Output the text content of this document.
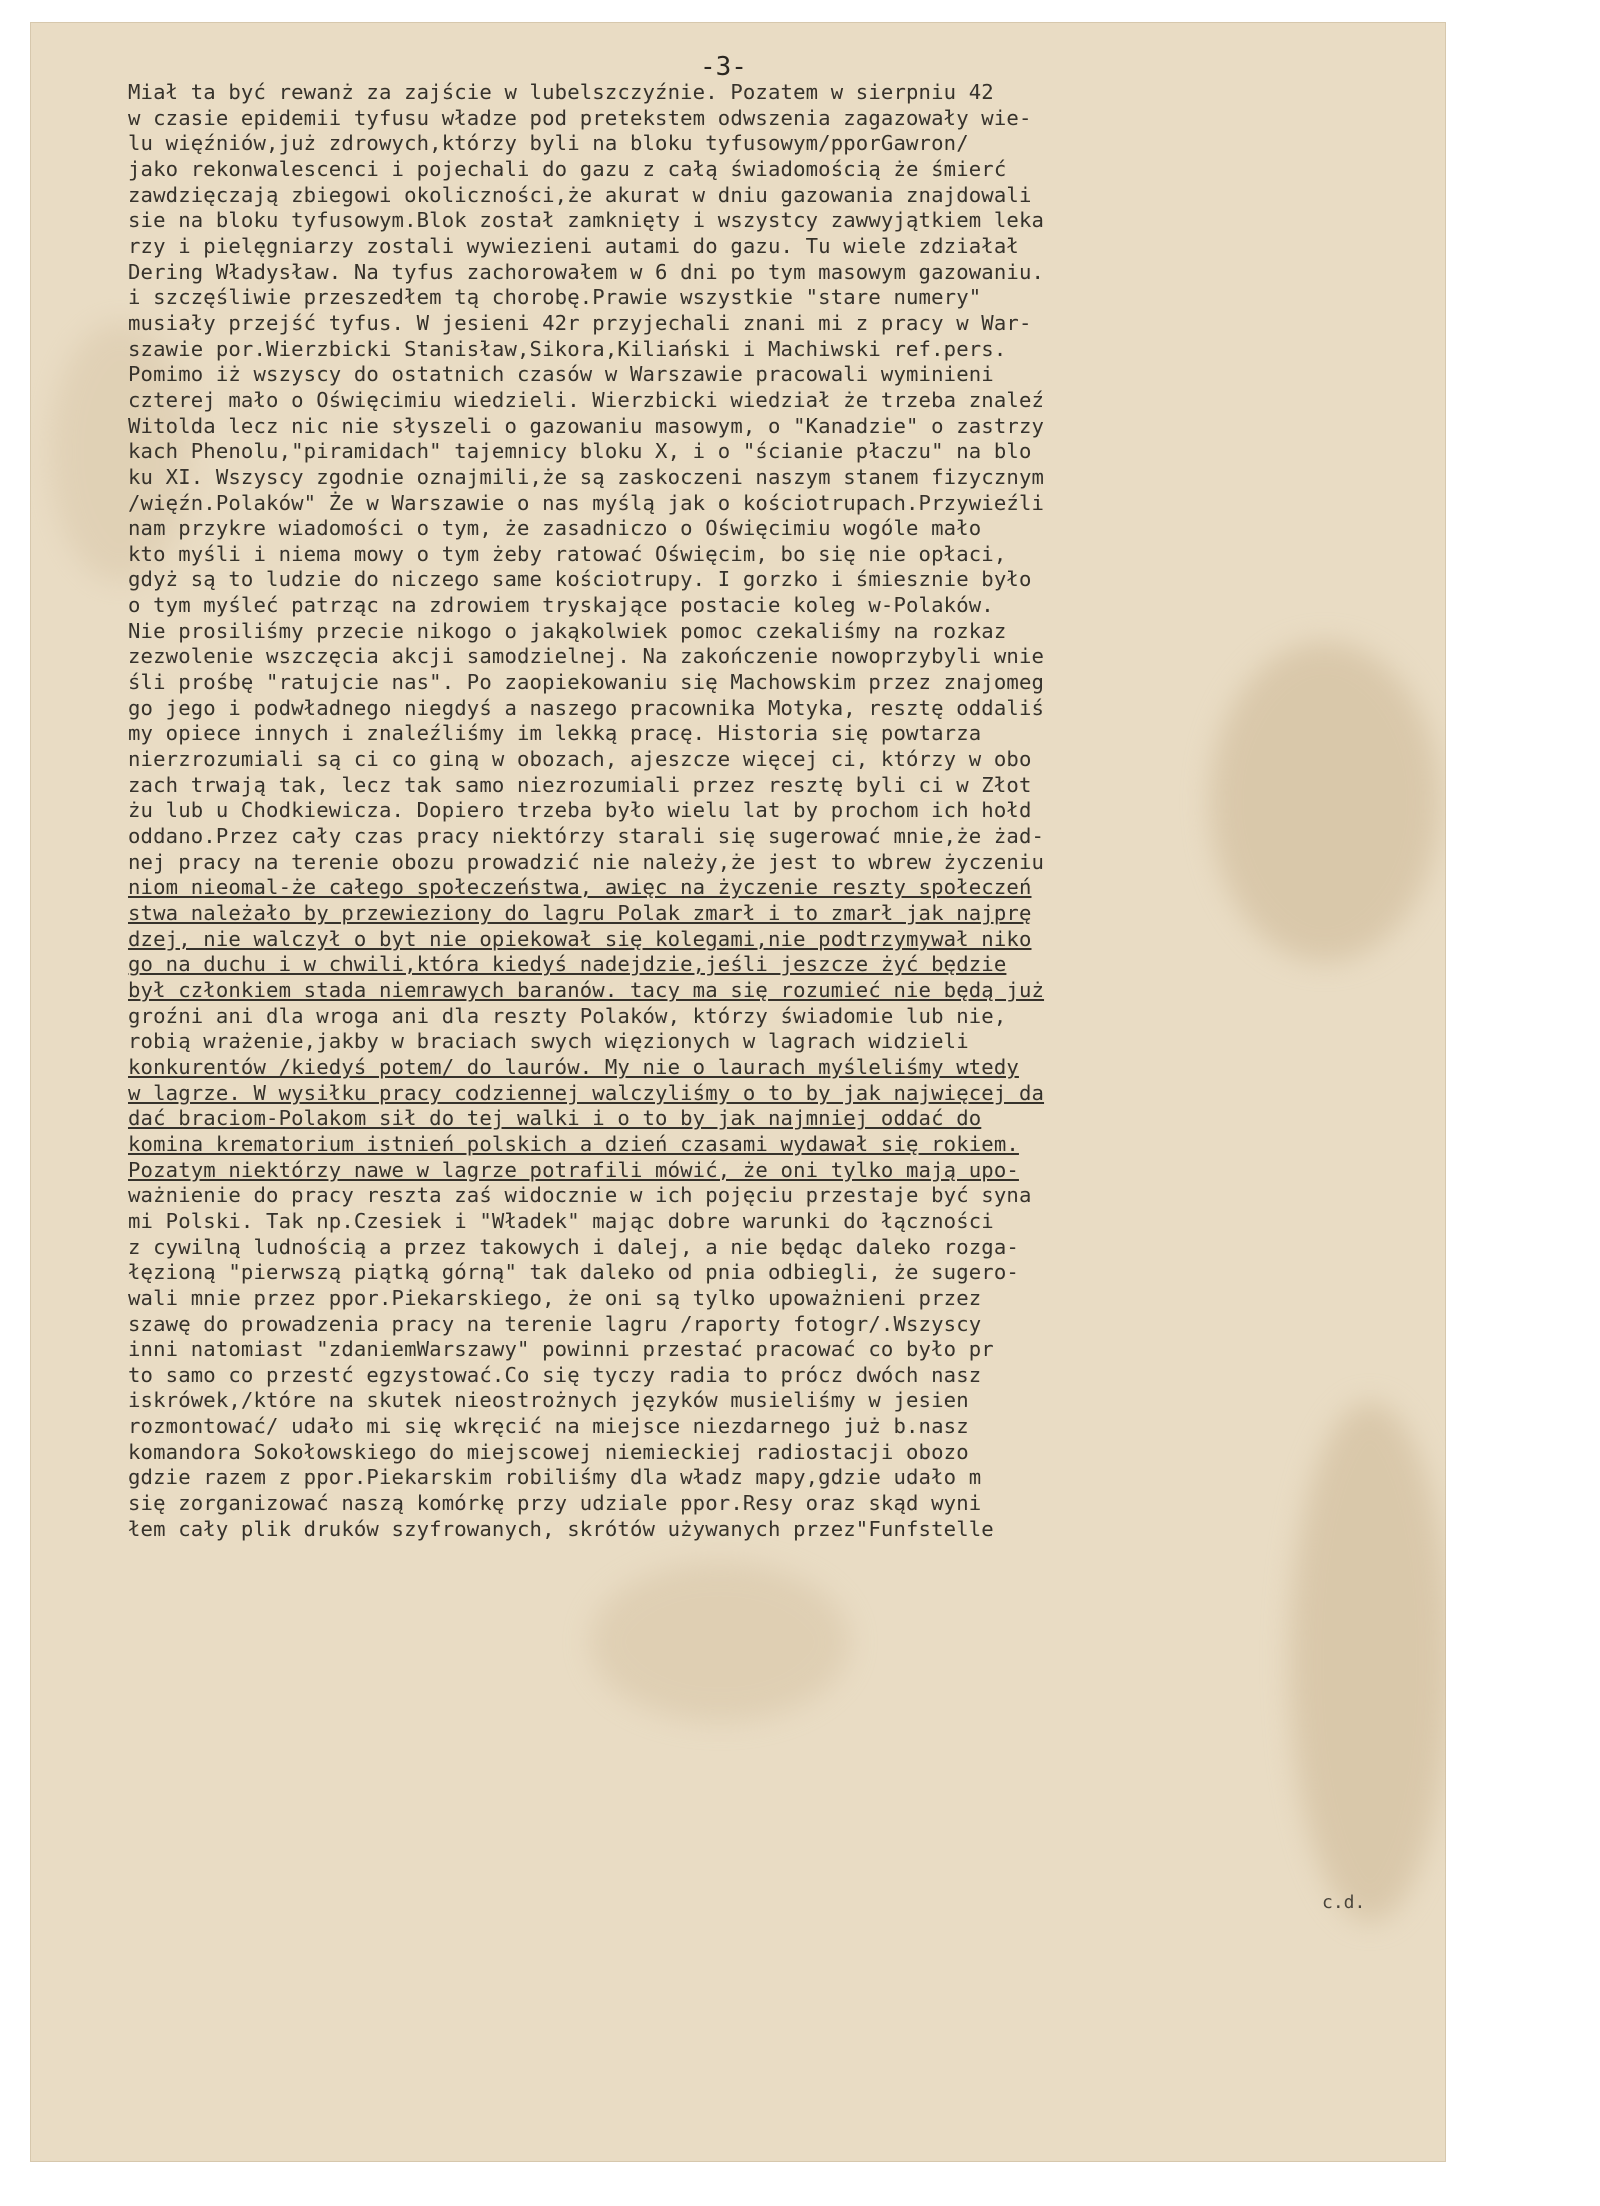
-3-
c.d.
Miał ta być rewanż za zajście w lubelszczyźnie. Pozatem w sierpniu 42
w czasie epidemii tyfusu władze pod pretekstem odwszenia zagazowały wie-
lu więźniów,już zdrowych,którzy byli na bloku tyfusowym/pporGawron/
jako rekonwalescenci i pojechali do gazu z całą świadomością że śmierć
zawdzięczają zbiegowi okoliczności,że akurat w dniu gazowania znajdowali
sie na bloku tyfusowym.Blok został zamknięty i wszystcy zawwyjątkiem leka
rzy i pielęgniarzy zostali wywiezieni autami do gazu. Tu wiele zdziałał
Dering Władysław. Na tyfus zachorowałem w 6 dni po tym masowym gazowaniu.
i szczęśliwie przeszedłem tą chorobę.Prawie wszystkie "stare numery"
musiały przejść tyfus. W jesieni 42r przyjechali znani mi z pracy w War-
szawie por.Wierzbicki Stanisław,Sikora,Kiliański i Machiwski ref.pers.
Pomimo iż wszyscy do ostatnich czasów w Warszawie pracowali wyminieni
czterej mało o Oświęcimiu wiedzieli. Wierzbicki wiedział że trzeba znaleź
Witolda lecz nic nie słyszeli o gazowaniu masowym, o "Kanadzie" o zastrzy
kach Phenolu,"piramidach" tajemnicy bloku X, i o "ścianie płaczu" na blo
ku XI. Wszyscy zgodnie oznajmili,że są zaskoczeni naszym stanem fizycznym
/więźn.Polaków" Że w Warszawie o nas myślą jak o kościotrupach.Przywieźli
nam przykre wiadomości o tym, że zasadniczo o Oświęcimiu wogóle mało
kto myśli i niema mowy o tym żeby ratować Oświęcim, bo się nie opłaci,
gdyż są to ludzie do niczego same kościotrupy. I gorzko i śmiesznie było
o tym myśleć patrząc na zdrowiem tryskające postacie koleg w-Polaków.
Nie prosiliśmy przecie nikogo o jakąkolwiek pomoc czekaliśmy na rozkaz
zezwolenie wszczęcia akcji samodzielnej. Na zakończenie nowoprzybyli wnie
śli prośbę "ratujcie nas". Po zaopiekowaniu się Machowskim przez znajomeg
go jego i podwładnego niegdyś a naszego pracownika Motyka, resztę oddaliś
my opiece innych i znaleźliśmy im lekką pracę. Historia się powtarza
nierzrozumiali są ci co giną w obozach, ajeszcze więcej ci, którzy w obo
zach trwają tak, lecz tak samo niezrozumiali przez resztę byli ci w Złot
żu lub u Chodkiewicza. Dopiero trzeba było wielu lat by prochom ich hołd
oddano.Przez cały czas pracy niektórzy starali się sugerować mnie,że żad-
nej pracy na terenie obozu prowadzić nie należy,że jest to wbrew życzeniu
niom nieomal-że całego społeczeństwa, awięc na życzenie reszty społeczeń
stwa należało by przewieziony do lagru Polak zmarł i to zmarł jak najprę
dzej, nie walczył o byt nie opiekował się kolegami,nie podtrzymywał niko
go na duchu i w chwili,która kiedyś nadejdzie,jeśli jeszcze żyć będzie
był członkiem stada niemrawych baranów. tacy ma się rozumieć nie będą już
groźni ani dla wroga ani dla reszty Polaków, którzy świadomie lub nie,
robią wrażenie,jakby w braciach swych więzionych w lagrach widzieli
konkurentów /kiedyś potem/ do laurów. My nie o laurach myśleliśmy wtedy
w lagrze. W wysiłku pracy codziennej walczyliśmy o to by jak najwięcej da
dać braciom-Polakom sił do tej walki i o to by jak najmniej oddać do
komina krematorium istnień polskich a dzień czasami wydawał się rokiem.
Pozatym niektórzy nawe w lagrze potrafili mówić, że oni tylko mają upo-
ważnienie do pracy reszta zaś widocznie w ich pojęciu przestaje być syna
mi Polski. Tak np.Czesiek i "Władek" mając dobre warunki do łączności
z cywilną ludnością a przez takowych i dalej, a nie będąc daleko rozga-
łęzioną "pierwszą piątką górną" tak daleko od pnia odbiegli, że sugero-
wali mnie przez ppor.Piekarskiego, że oni są tylko upoważnieni przez
szawę do prowadzenia pracy na terenie lagru /raporty fotogr/.Wszyscy
inni natomiast "zdaniemWarszawy" powinni przestać pracować co było pr
to samo co przestć egzystować.Co się tyczy radia to prócz dwóch nasz
iskrówek,/które na skutek nieostrożnych języków musieliśmy w jesien
rozmontować/ udało mi się wkręcić na miejsce niezdarnego już b.nasz
komandora Sokołowskiego do miejscowej niemieckiej radiostacji obozo
gdzie razem z ppor.Piekarskim robiliśmy dla władz mapy,gdzie udało m
się zorganizować naszą komórkę przy udziale ppor.Resy oraz skąd wyni
łem cały plik druków szyfrowanych, skrótów używanych przez"Funfstelle
